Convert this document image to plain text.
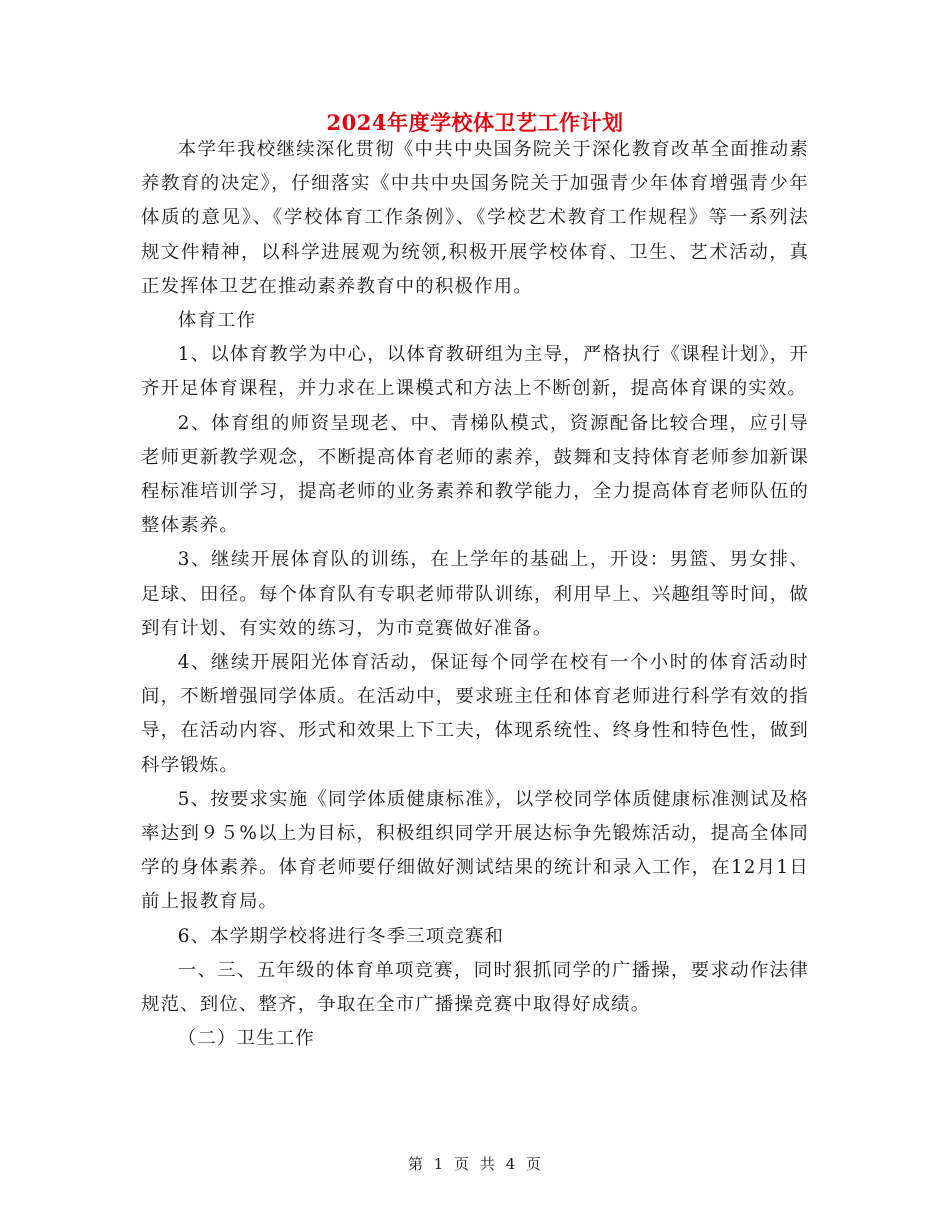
2024年度学校体卫艺工作计划

本学年我校继续深化贯彻《中共中央国务院关于深化教育改革全面推动素养教育的决定》，仔细落实《中共中央国务院关于加强青少年体育增强青少年体质的意见》、《学校体育工作条例》、《学校艺术教育工作规程》等一系列法规文件精神，以科学进展观为统领,积极开展学校体育、卫生、艺术活动，真正发挥体卫艺在推动素养教育中的积极作用。

体育工作

1、以体育教学为中心，以体育教研组为主导，严格执行《课程计划》，开齐开足体育课程，并力求在上课模式和方法上不断创新，提高体育课的实效。

2、体育组的师资呈现老、中、青梯队模式，资源配备比较合理，应引导老师更新教学观念，不断提高体育老师的素养，鼓舞和支持体育老师参加新课程标准培训学习，提高老师的业务素养和教学能力，全力提高体育老师队伍的整体素养。

3、继续开展体育队的训练，在上学年的基础上，开设：男篮、男女排、足球、田径。每个体育队有专职老师带队训练，利用早上、兴趣组等时间，做到有计划、有实效的练习，为市竞赛做好准备。

4、继续开展阳光体育活动，保证每个同学在校有一个小时的体育活动时间，不断增强同学体质。在活动中，要求班主任和体育老师进行科学有效的指导，在活动内容、形式和效果上下工夫，体现系统性、终身性和特色性，做到科学锻炼。

5、按要求实施《同学体质健康标准》，以学校同学体质健康标准测试及格率达到９５%以上为目标，积极组织同学开展达标争先锻炼活动，提高全体同学的身体素养。体育老师要仔细做好测试结果的统计和录入工作，在12月1日前上报教育局。

6、本学期学校将进行冬季三项竞赛和

一、三、五年级的体育单项竞赛，同时狠抓同学的广播操，要求动作法律规范、到位、整齐，争取在全市广播操竞赛中取得好成绩。

（二）卫生工作

第 1 页 共 4 页
